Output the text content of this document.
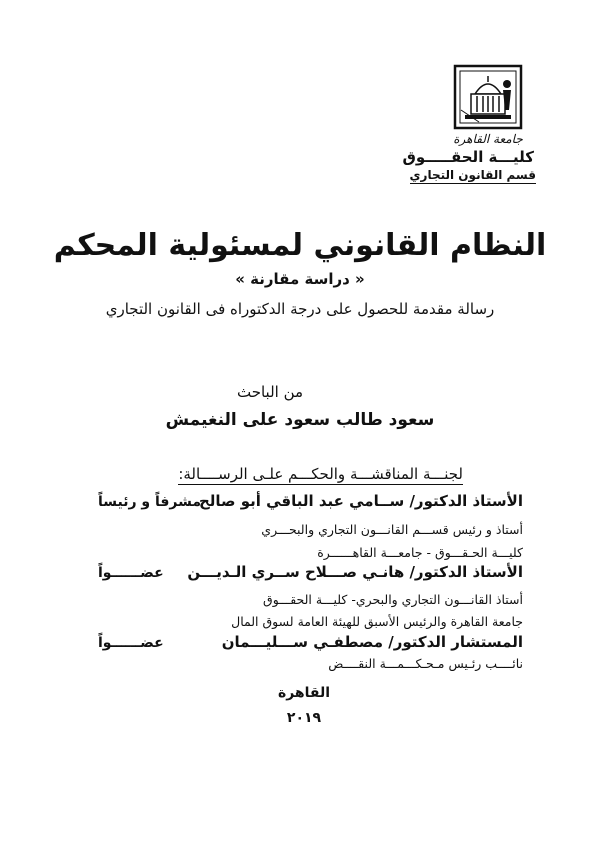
جامعة القاهرة
كليـــة الحقـــــوق
قسم القانون التجاري
النظام القانوني لمسئولية المحكم
« دراسة مقارنة »
رسالة مقدمة للحصول على درجة الدكتوراه فى القانون التجاري
من الباحث
سعود طالب سعود على النغيمش
لجنـــة المناقشـــة والحكـــم علـى الرســــالة:
الأستاذ الدكتور/ ســامي عبد الباقي أبو صالح
مشرفاً و رئيساً
أستاذ و رئيس قســـم القانـــون التجاري والبحـــري
كليـــة الحـقـــوق - جامعـــة القاهــــــرة
الأستاذ الدكتور/ هانـي صـــلاح ســري الـديـــن
عضــــــواً
أستاذ القانـــون التجاري والبحري- كليـــة الحقـــوق
جامعة القاهرة والرئيس الأسبق للهيئة العامة لسوق المال
المستشار الدكتور/ مصطفـي ســـليـــمان
عضــــــواً
نائــــب رئـيس مـحـكـــمـــة النقــــض
القاهرة
٢٠١٩
